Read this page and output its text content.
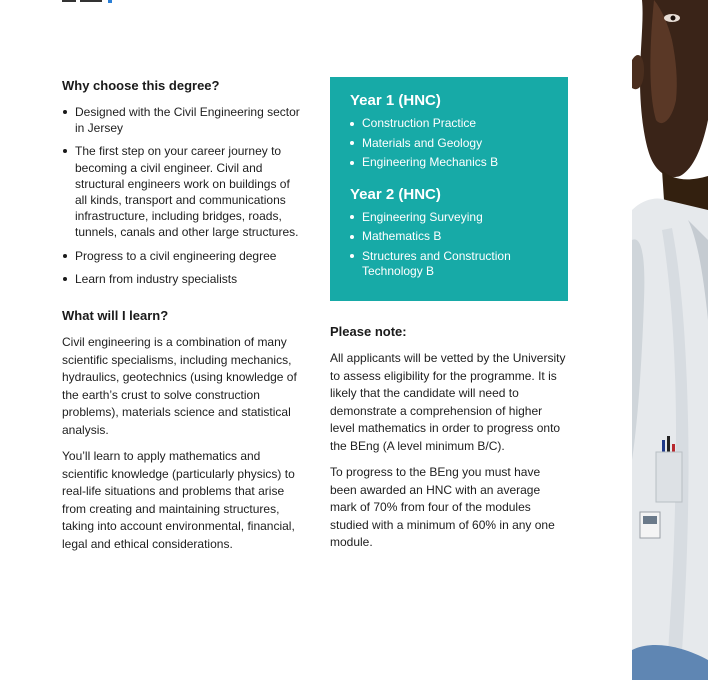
Why choose this degree?
Designed with the Civil Engineering sector in Jersey
The first step on your career journey to becoming a civil engineer. Civil and structural engineers work on buildings of all kinds, transport and communications infrastructure, including bridges, roads, tunnels, canals and other large structures.
Progress to a civil engineering degree
Learn from industry specialists
What will I learn?

Civil engineering is a combination of many scientific specialisms, including mechanics, hydraulics, geotechnics (using knowledge of the earth’s crust to solve construction problems), materials science and statistical analysis.

You’ll learn to apply mathematics and scientific knowledge (particularly physics) to real-life situations and problems that arise from creating and maintaining structures, taking into account environmental, financial, legal and ethical considerations.

Year 1 (HNC)
Construction Practice
Materials and Geology
Engineering Mechanics B
Year 2 (HNC)
Engineering Surveying
Mathematics B
Structures and Construction Technology B
Please note:

All applicants will be vetted by the University to assess eligibility for the programme. It is likely that the candidate will need to demonstrate a comprehension of higher level mathematics in order to progress onto the BEng (A level minimum B/C).

To progress to the BEng you must have been awarded an HNC with an average mark of 70% from four of the modules studied with a minimum of 60% in any one module.
